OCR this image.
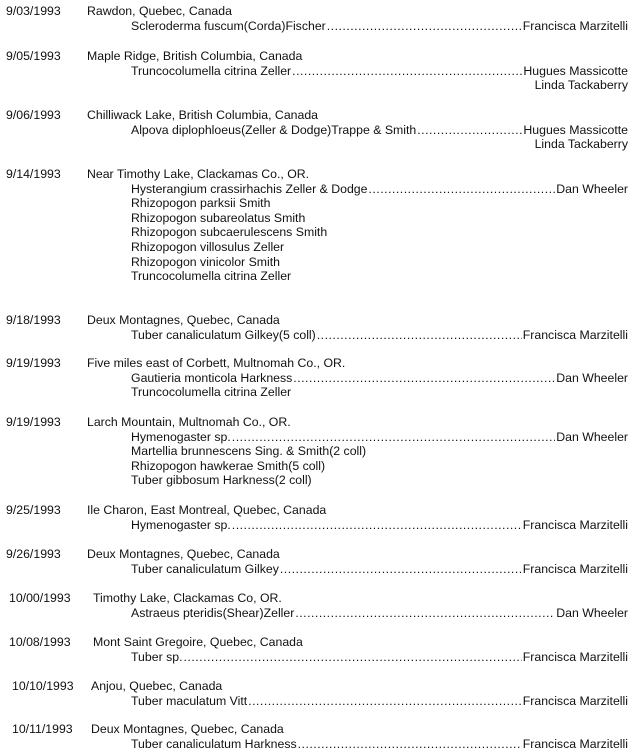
9/03/1993 Rawdon, Quebec, Canada
Scleroderma fuscum(Corda)Fischer .....	Francisca Marzitelli
9/05/1993 Maple Ridge, British Columbia, Canada
Truncocolumella citrina Zeller .....	Hugues Massicotte
Linda Tackaberry
9/06/1993 Chilliwack Lake, British Columbia, Canada
Alpova diplophloeus(Zeller & Dodge)Trappe & Smith .....	Hugues Massicotte
Linda Tackaberry
9/14/1993 Near Timothy Lake, Clackamas Co., OR.
Hysterangium crassirhachis Zeller & Dodge .....	Dan Wheeler
Rhizopogon parksii Smith
Rhizopogon subareolatus Smith
Rhizopogon subcaerulescens Smith
Rhizopogon villosulus Zeller
Rhizopogon vinicolor Smith
Truncocolumella citrina Zeller
9/18/1993 Deux Montagnes, Quebec, Canada
Tuber canaliculatum Gilkey(5 coll) .....	Francisca Marzitelli
9/19/1993 Five miles east of Corbett, Multnomah Co., OR.
Gautieria monticola Harkness .....	Dan Wheeler
Truncocolumella citrina Zeller
9/19/1993 Larch Mountain, Multnomah Co., OR.
Hymenogaster sp. .....	Dan Wheeler
Martellia brunnescens Sing. & Smith(2 coll)
Rhizopogon hawkerae Smith(5 coll)
Tuber gibbosum Harkness(2 coll)
9/25/1993 Ile Charon, East Montreal, Quebec, Canada
Hymenogaster sp. .....	Francisca Marzitelli
9/26/1993 Deux Montagnes, Quebec, Canada
Tuber canaliculatum Gilkey .....	Francisca Marzitelli
10/00/1993 Timothy Lake, Clackamas Co, OR.
Astraeus pteridis(Shear)Zeller .....	Dan Wheeler
10/08/1993 Mont Saint Gregoire, Quebec, Canada
Tuber sp. .....	Francisca Marzitelli
10/10/1993 Anjou, Quebec, Canada
Tuber maculatum Vitt .....	Francisca Marzitelli
10/11/1993 Deux Montagnes, Quebec, Canada
Tuber canaliculatum Harkness .....	Francisca Marzitelli
